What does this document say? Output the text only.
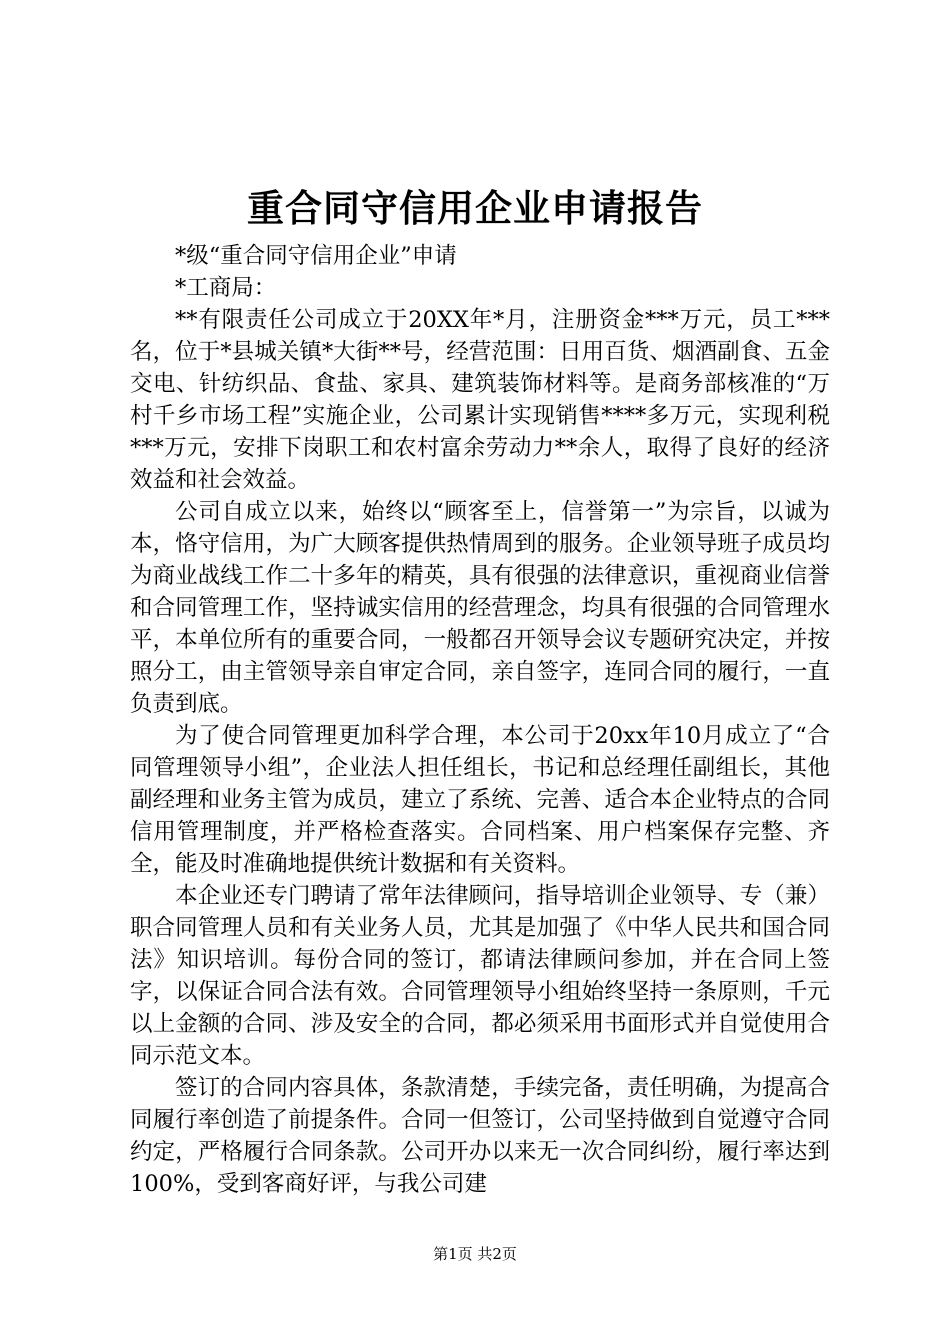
重合同守信用企业申请报告

*级“重合同守信用企业”申请

*工商局：

**有限责任公司成立于20XX年*月，注册资金***万元，员工***名，位于*县城关镇*大街**号，经营范围：日用百货、烟酒副食、五金交电、针纺织品、食盐、家具、建筑装饰材料等。是商务部核准的“万村千乡市场工程”实施企业，公司累计实现销售****多万元，实现利税***万元，安排下岗职工和农村富余劳动力**余人，取得了良好的经济效益和社会效益。

公司自成立以来，始终以“顾客至上，信誉第一”为宗旨，以诚为本，恪守信用，为广大顾客提供热情周到的服务。企业领导班子成员均为商业战线工作二十多年的精英，具有很强的法律意识，重视商业信誉和合同管理工作，坚持诚实信用的经营理念，均具有很强的合同管理水平，本单位所有的重要合同，一般都召开领导会议专题研究决定，并按照分工，由主管领导亲自审定合同，亲自签字，连同合同的履行，一直负责到底。

为了使合同管理更加科学合理，本公司于20xx年10月成立了“合同管理领导小组”，企业法人担任组长，书记和总经理任副组长，其他副经理和业务主管为成员，建立了系统、完善、适合本企业特点的合同信用管理制度，并严格检查落实。合同档案、用户档案保存完整、齐全，能及时准确地提供统计数据和有关资料。

本企业还专门聘请了常年法律顾问，指导培训企业领导、专（兼）职合同管理人员和有关业务人员，尤其是加强了《中华人民共和国合同法》知识培训。每份合同的签订，都请法律顾问参加，并在合同上签字，以保证合同合法有效。合同管理领导小组始终坚持一条原则，千元以上金额的合同、涉及安全的合同，都必须采用书面形式并自觉使用合同示范文本。

签订的合同内容具体，条款清楚，手续完备，责任明确，为提高合同履行率创造了前提条件。合同一但签订，公司坚持做到自觉遵守合同约定，严格履行合同条款。公司开办以来无一次合同纠纷，履行率达到100%，受到客商好评，与我公司建

第1页 共2页
